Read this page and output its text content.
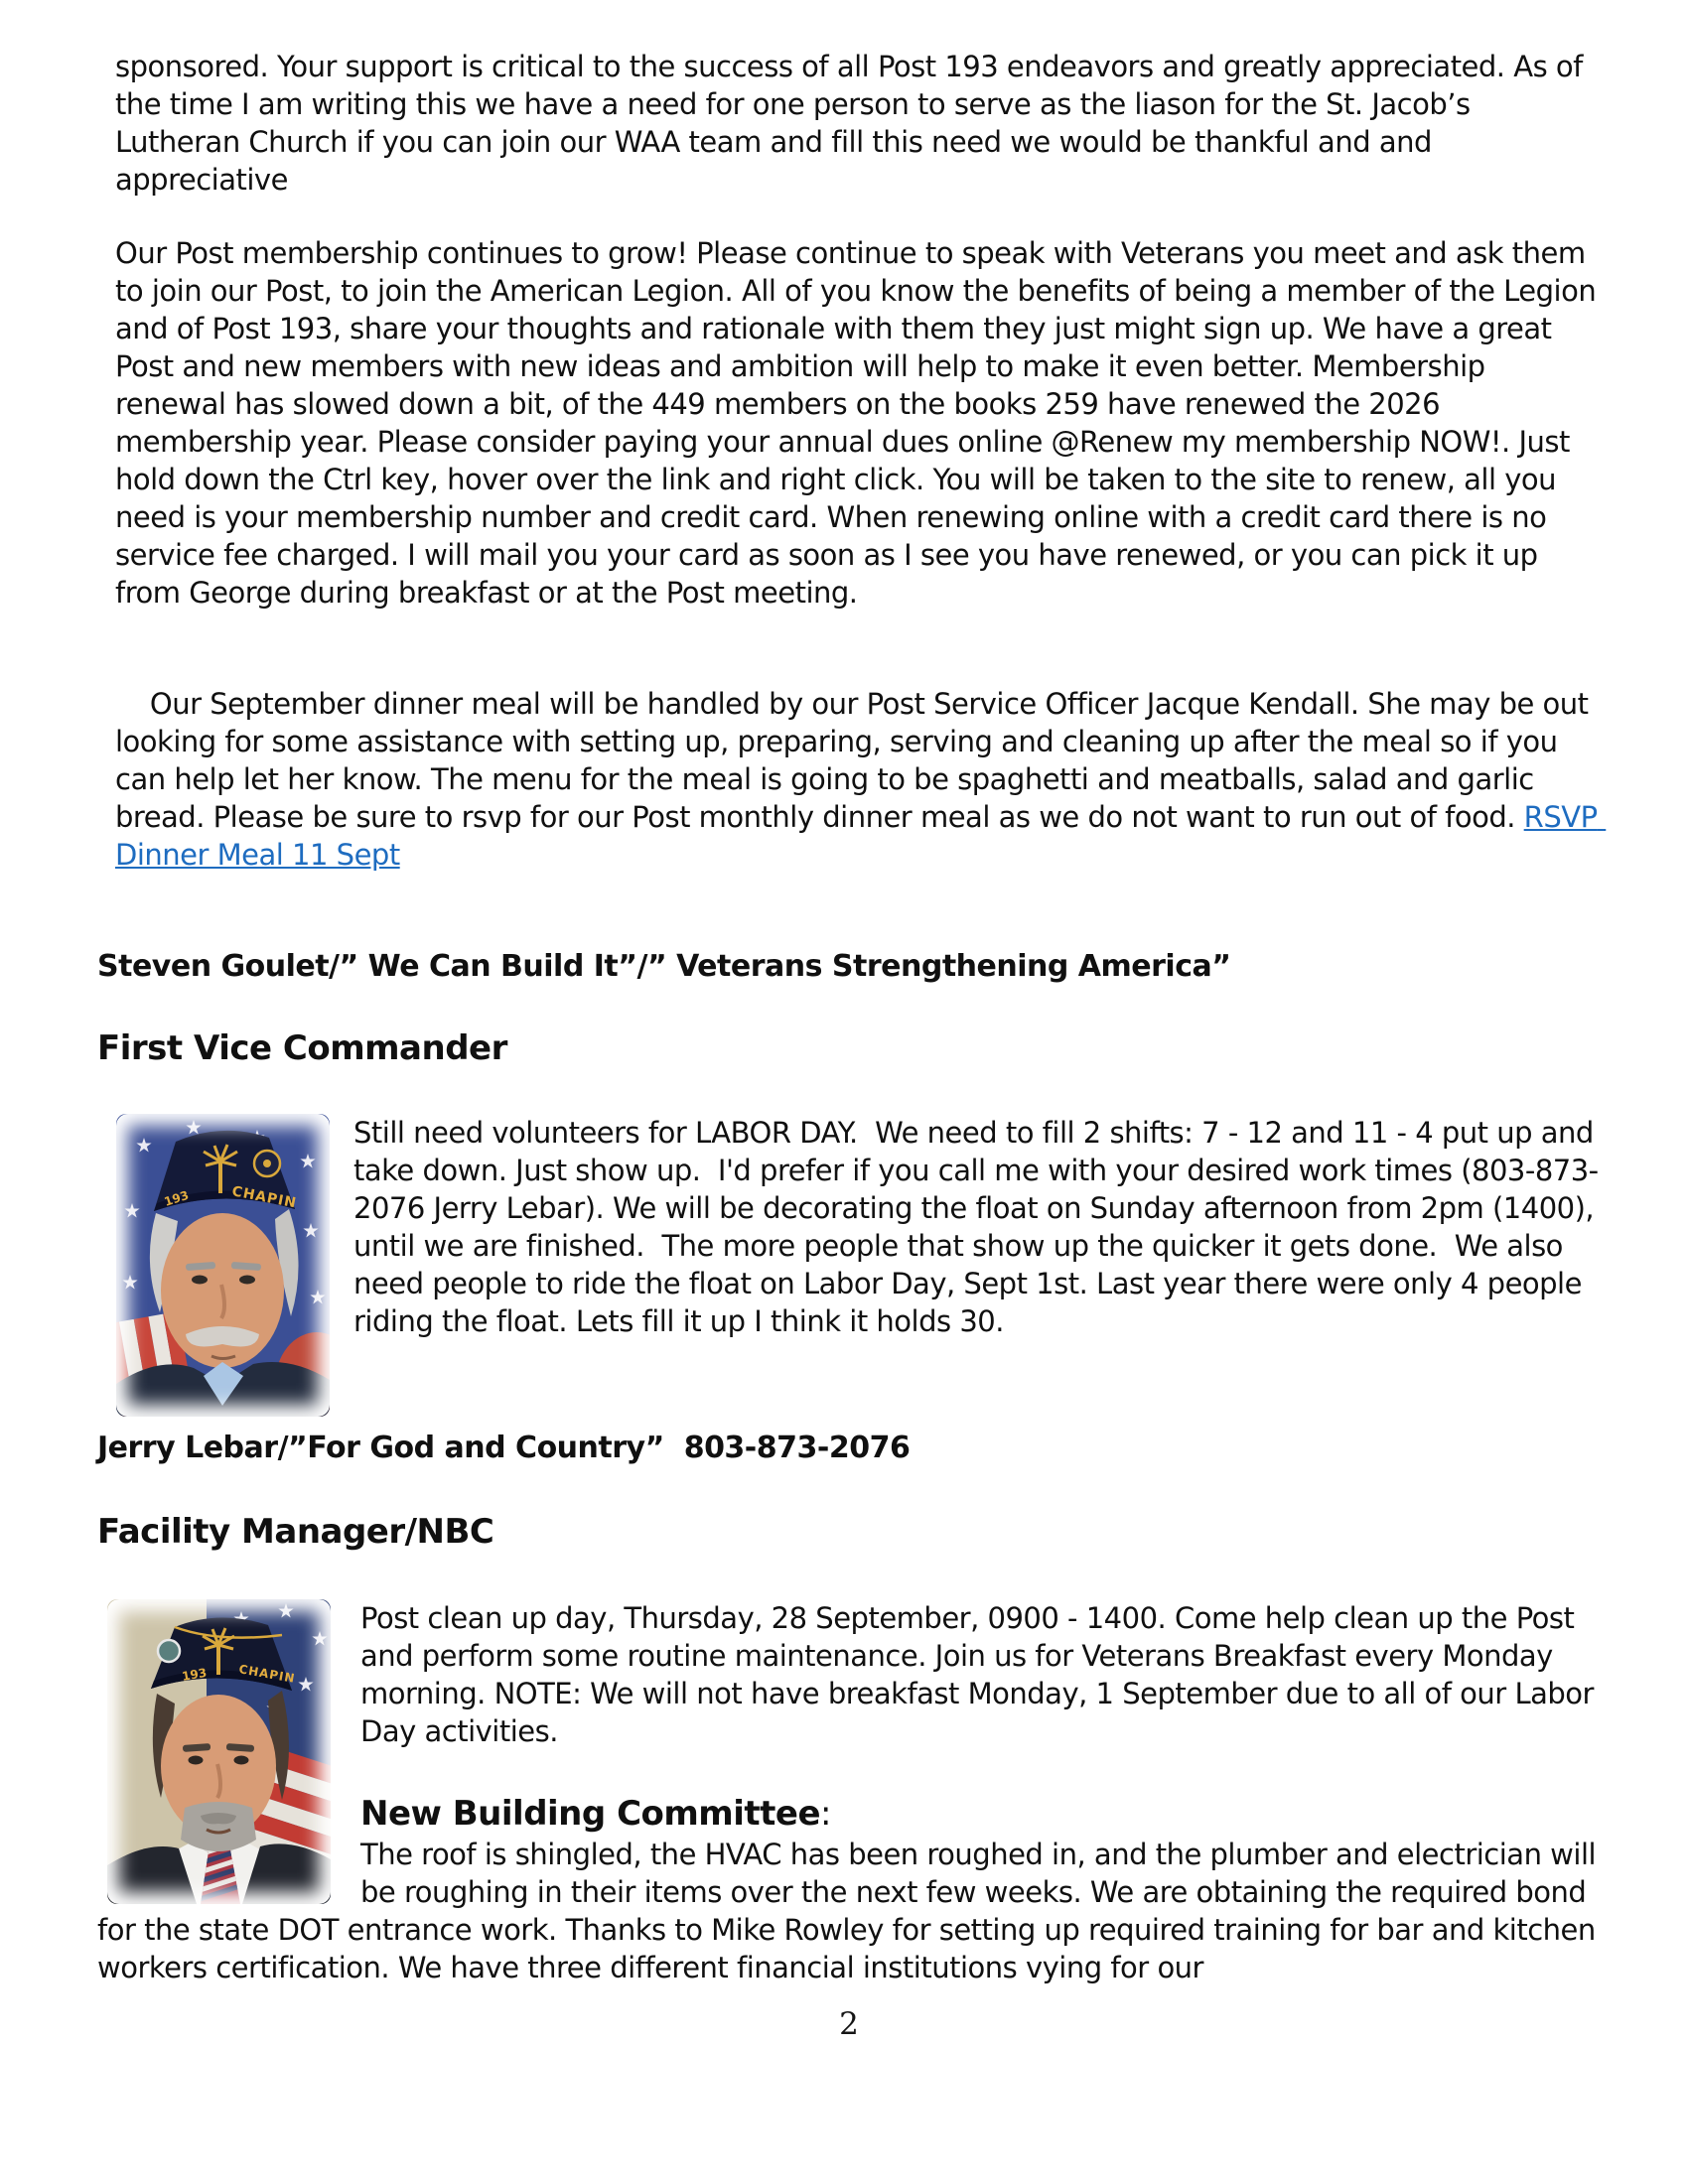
sponsored. Your support is critical to the success of all Post 193 endeavors and greatly appreciated. As of the time I am writing this we have a need for one person to serve as the liason for the St. Jacob’s Lutheran Church if you can join our WAA team and fill this need we would be thankful and and appreciative

Our Post membership continues to grow! Please continue to speak with Veterans you meet and ask them to join our Post, to join the American Legion. All of you know the benefits of being a member of the Legion and of Post 193, share your thoughts and rationale with them they just might sign up. We have a great Post and new members with new ideas and ambition will help to make it even better. Membership renewal has slowed down a bit, of the 449 members on the books 259 have renewed the 2026 membership year. Please consider paying your annual dues online @Renew my membership NOW!. Just hold down the Ctrl key, hover over the link and right click. You will be taken to the site to renew, all you need is your membership number and credit card. When renewing online with a credit card there is no service fee charged. I will mail you your card as soon as I see you have renewed, or you can pick it up from George during breakfast or at the Post meeting.

Our September dinner meal will be handled by our Post Service Officer Jacque Kendall. She may be out looking for some assistance with setting up, preparing, serving and cleaning up after the meal so if you can help let her know. The menu for the meal is going to be spaghetti and meatballs, salad and garlic bread. Please be sure to rsvp for our Post monthly dinner meal as we do not want to run out of food. RSVP Dinner Meal 11 Sept

Steven Goulet/” We Can Build It”/” Veterans Strengthening America”

First Vice Commander
CHAPIN
193

Still need volunteers for LABOR DAY.  We need to fill 2 shifts: 7 - 12 and 11 - 4 put up and take down. Just show up.  I'd prefer if you call me with your desired work times (803-873-2076 Jerry Lebar). We will be decorating the float on Sunday afternoon from 2pm (1400), until we are finished.  The more people that show up the quicker it gets done.  We also need people to ride the float on Labor Day, Sept 1st. Last year there were only 4 people riding the float. Lets fill it up I think it holds 30.

Jerry Lebar/”For God and Country”  803-873-2076

Facility Manager/NBC
CHAPIN
193

Post clean up day, Thursday, 28 September, 0900 - 1400. Come help clean up the Post and perform some routine maintenance. Join us for Veterans Breakfast every Monday morning. NOTE: We will not have breakfast Monday, 1 September due to all of our Labor Day activities.

New Building Committee:

The roof is shingled, the HVAC has been roughed in, and the plumber and electrician will be roughing in their items over the next few weeks. We are obtaining the required bond for the state DOT entrance work. Thanks to Mike Rowley for setting up required training for bar and kitchen workers certification. We have three different financial institutions vying for our

2
